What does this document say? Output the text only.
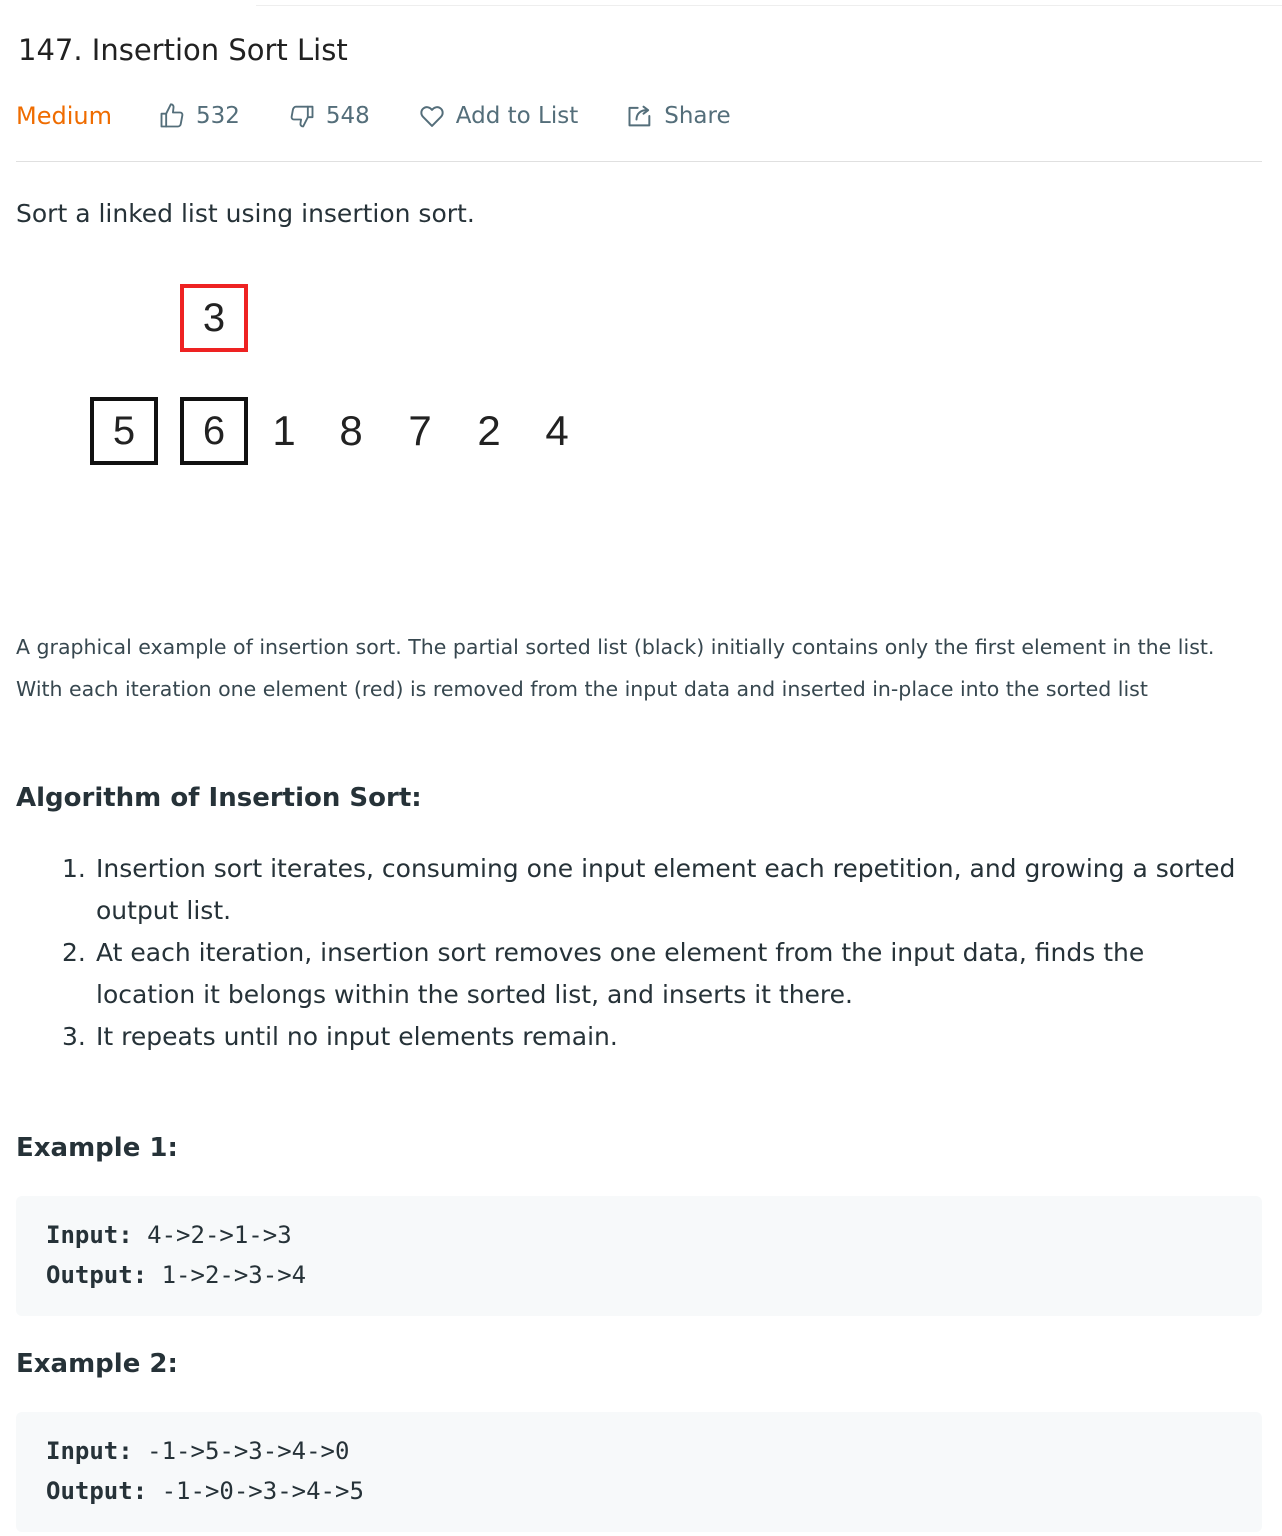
147. Insertion Sort List
Medium	532	548	Add to List	Share

Sort a linked list using insertion sort.

3
5	6	1 8 7 2 4
A graphical example of insertion sort. The partial sorted list (black) initially contains only the first element in the list.
With each iteration one element (red) is removed from the input data and inserted in-place into the sorted list
Algorithm of Insertion Sort:
1. Insertion sort iterates, consuming one input element each repetition, and growing a sorted
output list.
2. At each iteration, insertion sort removes one element from the input data, finds the
location it belongs within the sorted list, and inserts it there.
3. It repeats until no input elements remain.
Example 1:
Input: 4->2->1->3
Output: 1->2->3->4
Example 2:
Input: -1->5->3->4->0
Output: -1->0->3->4->5
